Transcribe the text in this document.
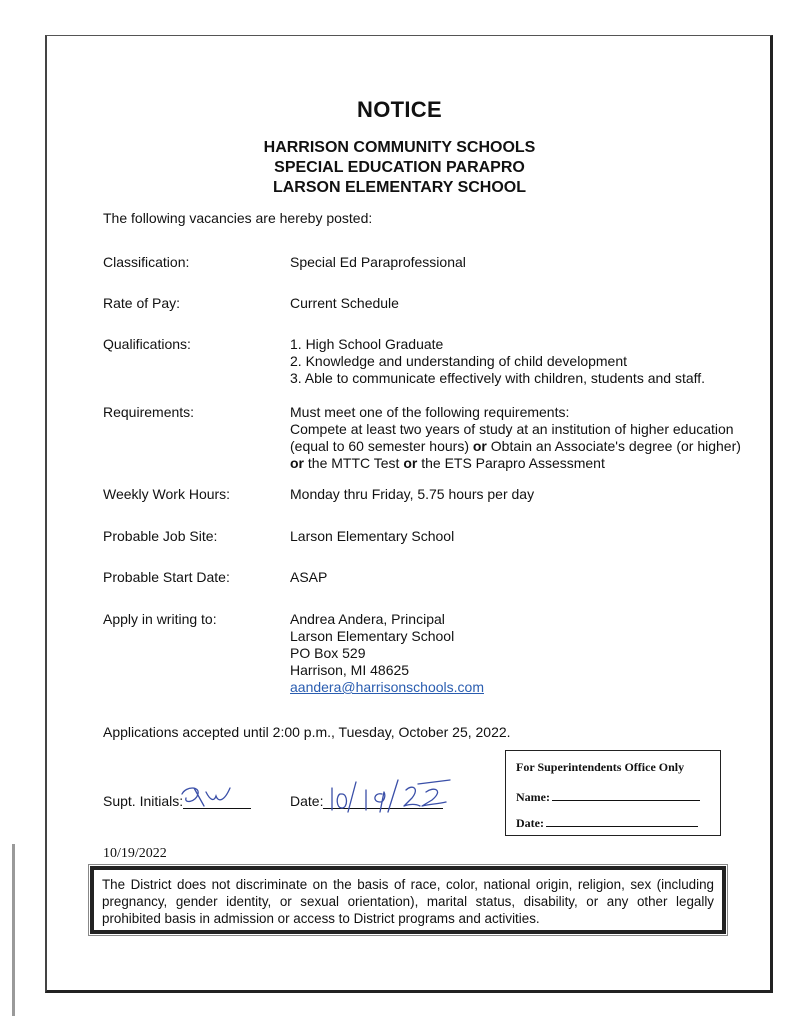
NOTICE
HARRISON COMMUNITY SCHOOLS
SPECIAL EDUCATION PARAPRO
LARSON ELEMENTARY SCHOOL
The following vacancies are hereby posted:
Classification:	Special Ed Paraprofessional
Rate of Pay:	Current Schedule
Qualifications:	1. High School Graduate
2. Knowledge and understanding of child development
3. Able to communicate effectively with children, students and staff.
Requirements:	Must meet one of the following requirements:
Compete at least two years of study at an institution of higher education
(equal to 60 semester hours) or Obtain an Associate's degree (or higher)
or the MTTC Test or the ETS Parapro Assessment
Weekly Work Hours:	Monday thru Friday, 5.75 hours per day
Probable Job Site:	Larson Elementary School
Probable Start Date:	ASAP
Apply in writing to:	Andrea Andera, Principal
Larson Elementary School
PO Box 529
Harrison, MI 48625
aandera@harrisonschools.com
Applications accepted until 2:00 p.m., Tuesday, October 25, 2022.
Supt. Initials:	Date:
For Superintendents Office Only
Name:
Date:
10/19/2022
The District does not discriminate on the basis of race, color, national origin, religion, sex (including pregnancy, gender identity, or sexual orientation), marital status, disability, or any other legally prohibited basis in admission or access to District programs and activities.
